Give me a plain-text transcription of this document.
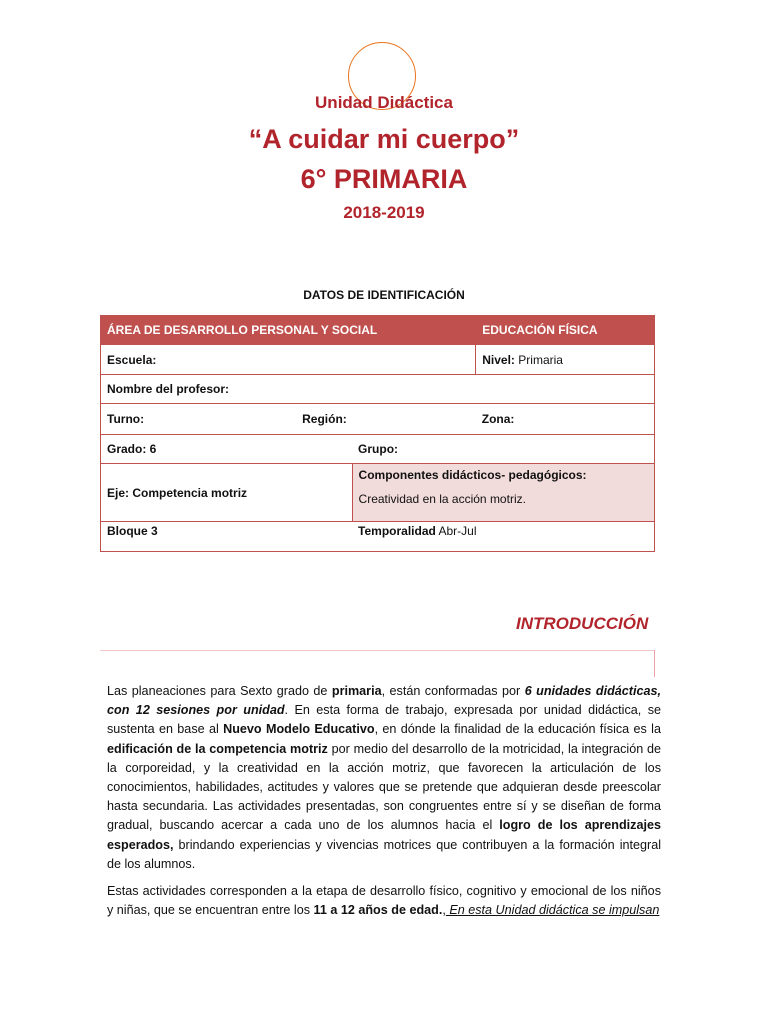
Unidad Didáctica
“A cuidar mi cuerpo”
6° PRIMARIA
2018-2019
DATOS DE IDENTIFICACIÓN
ÁREA DE DESARROLLO PERSONAL Y SOCIAL			EDUCACIÓN FÍSICA
Escuela:			Nivel: Primaria
Nombre del profesor:			
Turno:	Región:		Zona:
Grado: 6		Grupo:	
Eje: Competencia motriz		Componentes didácticos- pedagógicos:
Creatividad en la acción motriz.	

Bloque 3		Temporalidad Abr-Jul	
INTRODUCCIÓN
Las planeaciones para Sexto grado de primaria, están conformadas por 6 unidades didácticas, con 12 sesiones por unidad. En esta forma de trabajo, expresada por unidad didáctica, se sustenta en base al Nuevo Modelo Educativo, en dónde la finalidad de la educación física es la edificación de la competencia motriz por medio del desarrollo de la motricidad, la integración de la corporeidad, y la creatividad en la acción motriz, que favorecen la articulación de los conocimientos, habilidades, actitudes y valores que se pretende que adquieran desde preescolar hasta secundaria. Las actividades presentadas, son congruentes entre sí y se diseñan de forma gradual, buscando acercar a cada uno de los alumnos hacia el logro de los aprendizajes esperados, brindando experiencias y vivencias motrices que contribuyen a la formación integral de los alumnos.
Estas actividades corresponden a la etapa de desarrollo físico, cognitivo y emocional de los niños y niñas, que se encuentran entre los 11 a 12 años de edad., En esta Unidad didáctica se impulsan
